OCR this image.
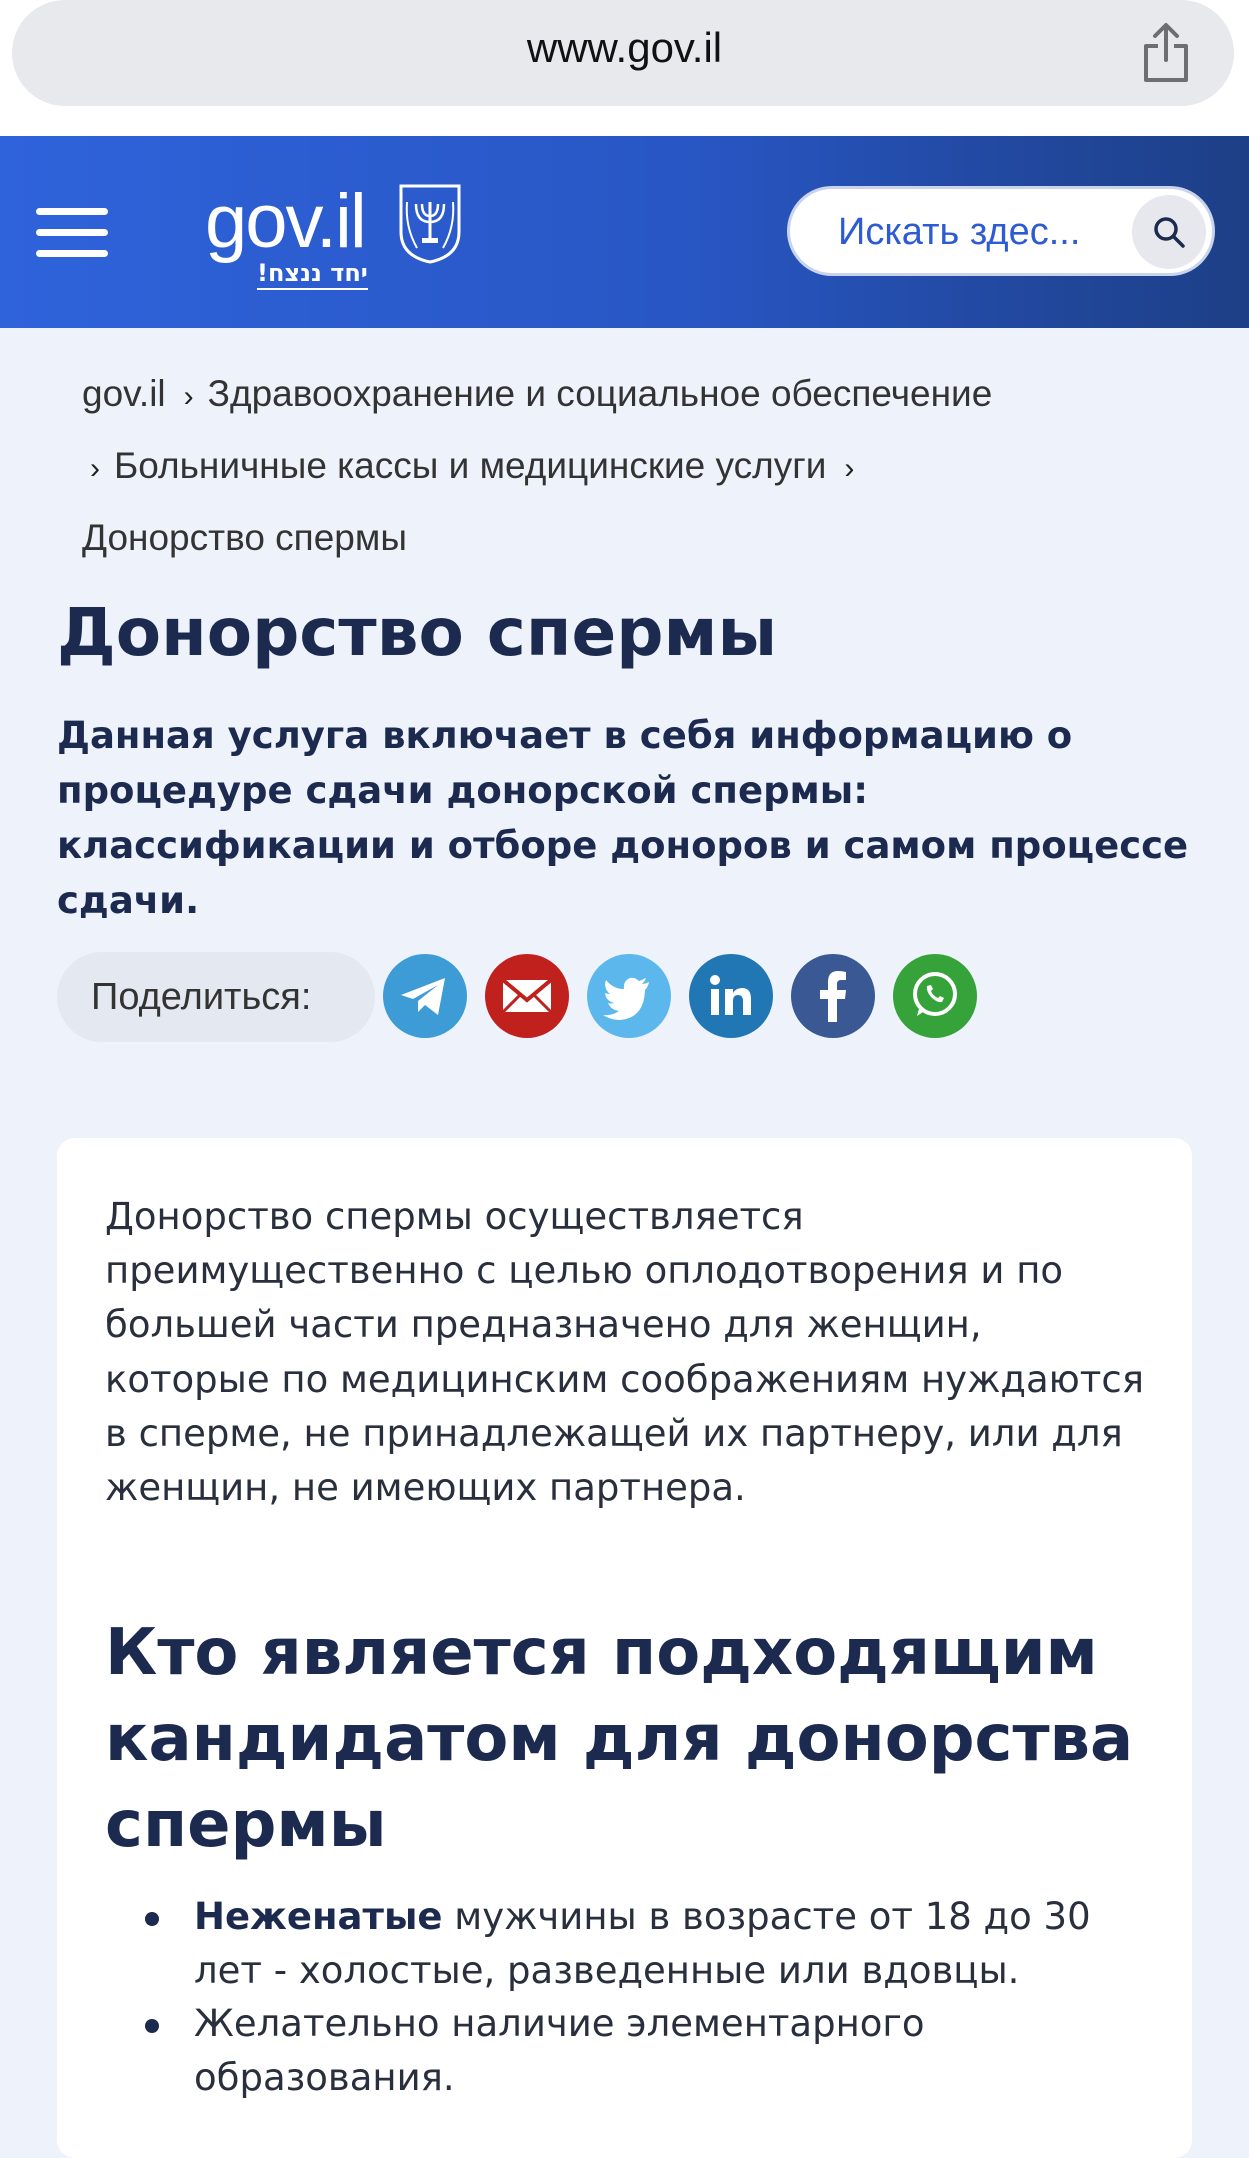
www.gov.il
gov.il
יחד ננצח!
Искать здес...
gov.il › Здравоохранение и социальное обеспечение
› Больничные кассы и медицинские услуги ›
Донорство спермы
Донорство спермы

Данная услуга включает в себя информацию о процедуре сдачи донорской спермы: классификации и отборе доноров и самом процессе сдачи.

Поделиться:

Донорство спермы осуществляется преимущественно с целью оплодотворения и по большей части предназначено для женщин, которые по медицинским соображениям нуждаются в сперме, не принадлежащей их партнеру, или для женщин, не имеющих партнера.

Кто является подходящим кандидатом для донорства спермы
Неженатые мужчины в возрасте от 18 до 30 лет - холостые, разведенные или вдовцы.
Желательно наличие элементарного образования.
